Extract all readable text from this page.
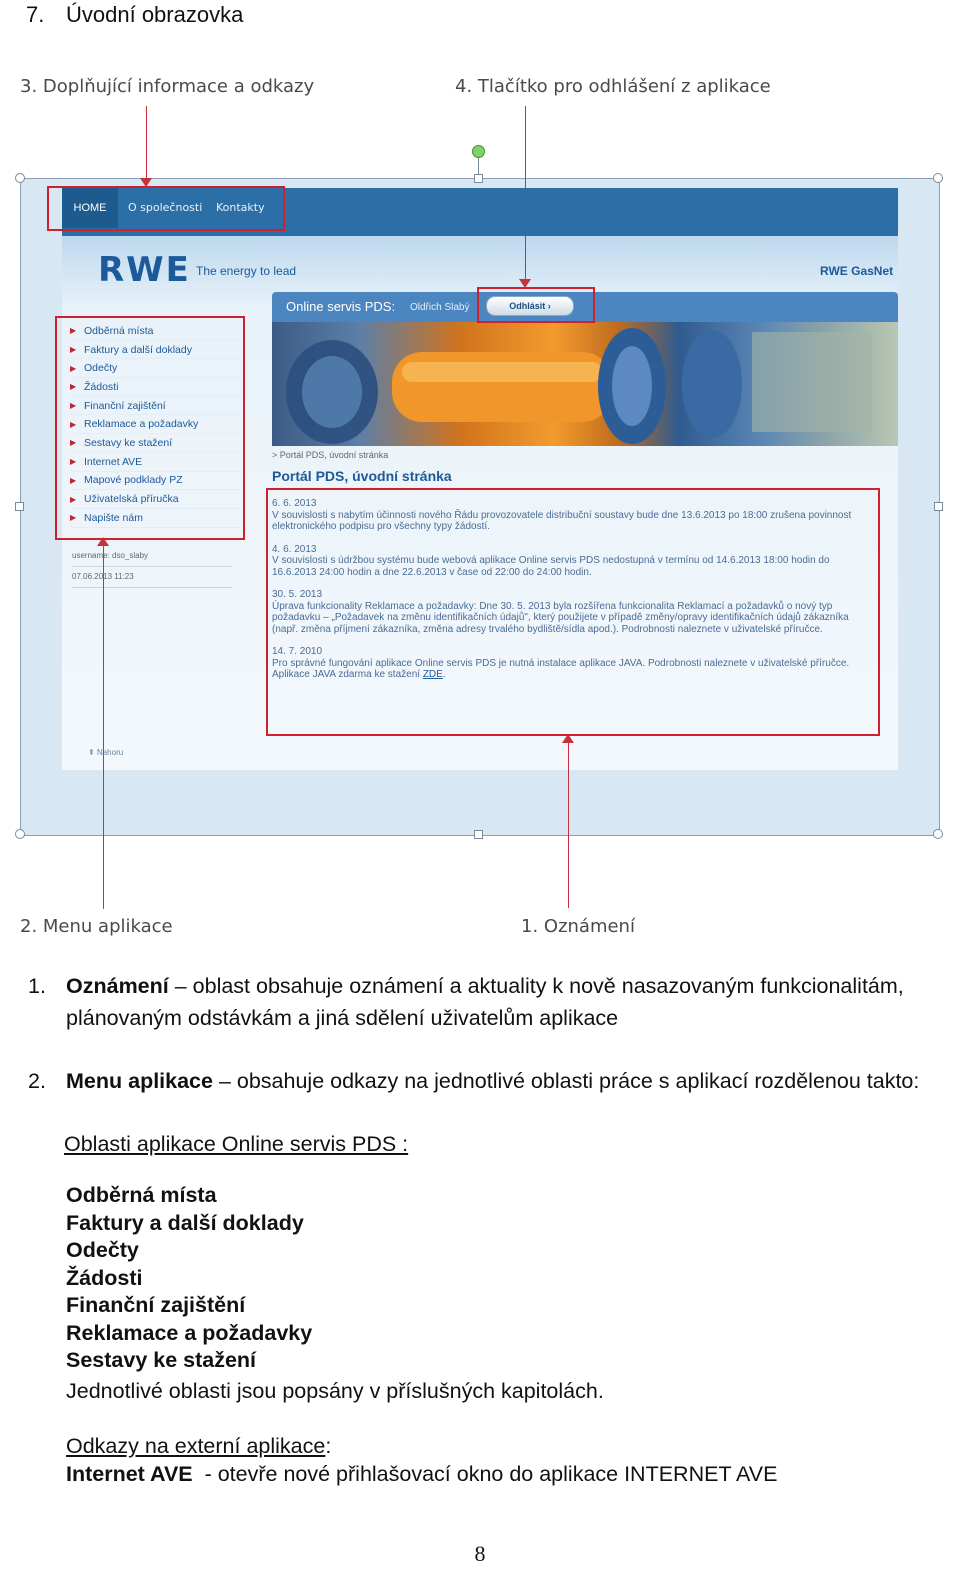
7. Úvodní obrazovka
3. Doplňující informace a odkazy	4. Tlačítko pro odhlášení z aplikace
2. Menu aplikace	1. Oznámení
HOME	O společnosti Kontakty
RWE The energy to lead	RWE GasNet
Online servis PDS: Oldřich Slabý	Odhlásit ›
> Portál PDS, úvodní stránka
Portál PDS, úvodní stránka
6. 6. 2013
V souvislosti s nabytím účinnosti nového Řádu provozovatele distribuční soustavy bude dne 13.6.2013 po 18:00 zrušena povinnost elektronického podpisu pro všechny typy žádostí.
4. 6. 2013
V souvislosti s údržbou systému bude webová aplikace Online servis PDS nedostupná v termínu od 14.6.2013 18:00 hodin do 16.6.2013 24:00 hodin a dne 22.6.2013 v čase od 22:00 do 24:00 hodin.
30. 5. 2013
Úprava funkcionality Reklamace a požadavky: Dne 30. 5. 2013 byla rozšířena funkcionalita Reklamací a požadavků o nový typ požadavku – „Požadavek na změnu identifikačních údajů", který použijete v případě změny/opravy identifikačních údajů zákazníka (např. změna příjmení zákazníka, změna adresy trvalého bydliště/sídla apod.). Podrobnosti naleznete v uživatelské příručce.
14. 7. 2010
Pro správné fungování aplikace Online servis PDS je nutná instalace aplikace JAVA. Podrobnosti naleznete v uživatelské příručce. Aplikace JAVA zdarma ke stažení ZDE.
▶ Odběrná místa
▶ Faktury a další doklady
▶ Odečty
▶ Žádosti
▶ Finanční zajištění
▶ Reklamace a požadavky
▶ Sestavy ke stažení
▶ Internet AVE
▶ Mapové podklady PZ
▶ Uživatelská příručka
▶ Napište nám
username: dso_slaby
07.06.2013 11:23
⇞ Nahoru
1. Oznámení – oblast obsahuje oznámení a aktuality k nově nasazovaným funkcionalitám, plánovaným odstávkám a jiná sdělení uživatelům aplikace
2. Menu aplikace – obsahuje odkazy na jednotlivé oblasti práce s aplikací rozdělenou takto:
Oblasti aplikace Online servis PDS :
Odběrná místa
Faktury a další doklady
Odečty
Žádosti
Finanční zajištění
Reklamace a požadavky
Sestavy ke stažení
Jednotlivé oblasti jsou popsány v příslušných kapitolách.
Odkazy na externí aplikace:
Internet AVE  - otevře nové přihlašovací okno do aplikace INTERNET AVE
8
